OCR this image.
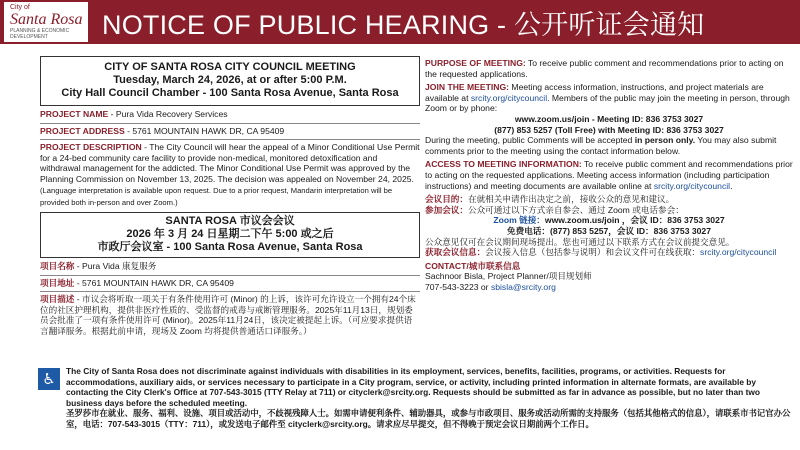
City of
Santa Rosa
PLANNING & ECONOMIC DEVELOPMENT	NOTICE OF PUBLIC HEARING - 公开听证会通知
CITY OF SANTA ROSA CITY COUNCIL MEETING
Tuesday, March 24, 2026, at or after 5:00 P.M.
City Hall Council Chamber - 100 Santa Rosa Avenue, Santa Rosa
PROJECT NAME - Pura Vida Recovery Services
PROJECT ADDRESS - 5761 MOUNTAIN HAWK DR, CA 95409
PROJECT DESCRIPTION - The City Council will hear the appeal of a Minor Conditional Use Permit for a 24-bed community care facility to provide non-medical, monitored detoxification and withdrawal management for the addicted. The Minor Conditional Use Permit was approved by the Planning Commission on November 13, 2025. The decision was appealed on November 24, 2025. (Language interpretation is available upon request. Due to a prior request, Mandarin interpretation will be provided both in-person and over Zoom.)
SANTA ROSA 市议会会议
2026 年 3 月 24 日星期二下午 5:00 或之后
市政厅会议室 - 100 Santa Rosa Avenue, Santa Rosa
项目名称 - Pura Vida 康复服务
项目地址 - 5761 MOUNTAIN HAWK DR, CA 95409
项目描述 - 市议会将听取一项关于有条件使用许可 (Minor) 的上诉，该许可允许设立一个拥有24个床位的社区护理机构，提供非医疗性质的、受监督的戒毒与戒断管理服务。2025年11月13日，规划委员会批准了一项有条件使用许可 (Minor)。2025年11月24日，该决定被提起上诉。（可应要求提供语言翻译服务。根据此前申请，现场及 Zoom 均将提供普通话口译服务。）
PURPOSE OF MEETING: To receive public comment and recommendations prior to acting on the requested applications.
JOIN THE MEETING: Meeting access information, instructions, and project materials are available at srcity.org/citycouncil. Members of the public may join the meeting in person, through Zoom or by phone:
www.zoom.us/join - Meeting ID: 836 3753 3027
(877) 853 5257 (Toll Free) with Meeting ID: 836 3753 3027
During the meeting, public Comments will be accepted in person only. You may also submit comments prior to the meeting using the contact information below.
ACCESS TO MEETING INFORMATION: To receive public comment and recommendations prior to acting on the requested applications. Meeting access information (including participation instructions) and meeting documents are available online at srcity.org/citycouncil.
会议目的：在就相关申请作出决定之前，接收公众的意见和建议。
参加会议：公众可通过以下方式亲自参会、通过 Zoom 或电话参会：
Zoom 链接：www.zoom.us/join ，会议 ID：836 3753 3027
免费电话：(877) 853 5257，会议 ID：836 3753 3027
公众意见仅可在会议期间现场提出。您也可通过以下联系方式在会议前提交意见。
获取会议信息：会议接入信息（包括参与说明）和会议文件可在线获取：srcity.org/citycouncil
CONTACT/城市联系信息
Sachnoor Bisla, Project Planner/项目规划师
707-543-3223 or sbisla@srcity.org
♿	The City of Santa Rosa does not discriminate against individuals with disabilities in its employment, services, benefits, facilities, programs, or activities. Requests for accommodations, auxiliary aids, or services necessary to participate in a City program, service, or activity, including printed information in alternate formats, are available by contacting the City Clerk's Office at 707-543-3015 (TTY Relay at 711) or cityclerk@srcity.org. Requests should be submitted as far in advance as possible, but no later than two business days before the scheduled meeting.
圣罗莎市在就业、服务、福利、设施、项目或活动中，不歧视残障人士。如需申请便利条件、辅助器具，或参与市政项目、服务或活动所需的支持服务（包括其他格式的信息），请联系市书记官办公室，电话：707-543-3015（TTY：711），或发送电子邮件至 cityclerk@srcity.org。请求应尽早提交，但不得晚于预定会议日期前两个工作日。
